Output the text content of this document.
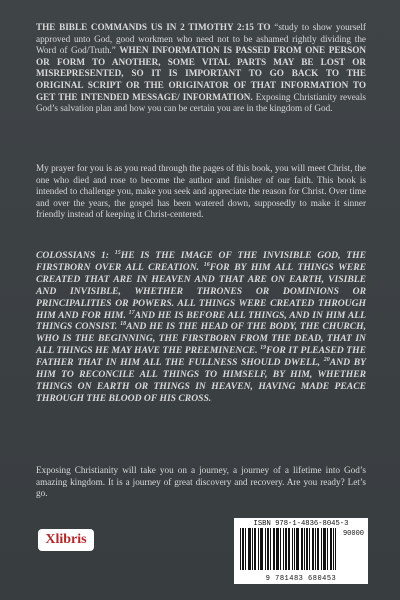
THE BIBLE COMMANDS US IN 2 TIMOTHY 2:15 TO “study to show yourself approved unto God, good workmen who need not to be ashamed rightly dividing the Word of God/Truth.” WHEN INFORMATION IS PASSED FROM ONE PERSON OR FORM TO ANOTHER, SOME VITAL PARTS MAY BE LOST OR MISREPRESENTED, SO IT IS IMPORTANT TO GO BACK TO THE ORIGINAL SCRIPT OR THE ORIGINATOR OF THAT INFORMATION TO GET THE INTENDED MESSAGE/ INFORMATION. Exposing Christianity reveals God’s salvation plan and how you can be certain you are in the kingdom of God.
My prayer for you is as you read through the pages of this book, you will meet Christ, the one who died and rose to become the author and finisher of our faith. This book is intended to challenge you, make you seek and appreciate the reason for Christ. Over time and over the years, the gospel has been watered down, supposedly to make it sinner friendly instead of keeping it Christ-centered.
COLOSSIANS 1: $^{15}$HE IS THE IMAGE OF THE INVISIBLE GOD, THE FIRSTBORN OVER ALL CREATION. $^{16}$FOR BY HIM ALL THINGS WERE CREATED THAT ARE IN HEAVEN AND THAT ARE ON EARTH, VISIBLE AND INVISIBLE, WHETHER THRONES OR DOMINIONS OR PRINCIPALITIES OR POWERS. ALL THINGS WERE CREATED THROUGH HIM AND FOR HIM. $^{17}$AND HE IS BEFORE ALL THINGS, AND IN HIM ALL THINGS CONSIST. $^{18}$AND HE IS THE HEAD OF THE BODY, THE CHURCH, WHO IS THE BEGINNING, THE FIRSTBORN FROM THE DEAD, THAT IN ALL THINGS HE MAY HAVE THE PREEMINENCE. $^{19}$FOR IT PLEASED THE FATHER THAT IN HIM ALL THE FULLNESS SHOULD DWELL, $^{20}$AND BY HIM TO RECONCILE ALL THINGS TO HIMSELF, BY HIM, WHETHER THINGS ON EARTH OR THINGS IN HEAVEN, HAVING MADE PEACE THROUGH THE BLOOD OF HIS CROSS.
Exposing Christianity will take you on a journey, a journey of a lifetime into God’s amazing kingdom. It is a journey of great discovery and recovery. Are you ready? Let’s go.
Xlibris
ISBN 978-1-4836-8045-3
90000
9 781483 680453
